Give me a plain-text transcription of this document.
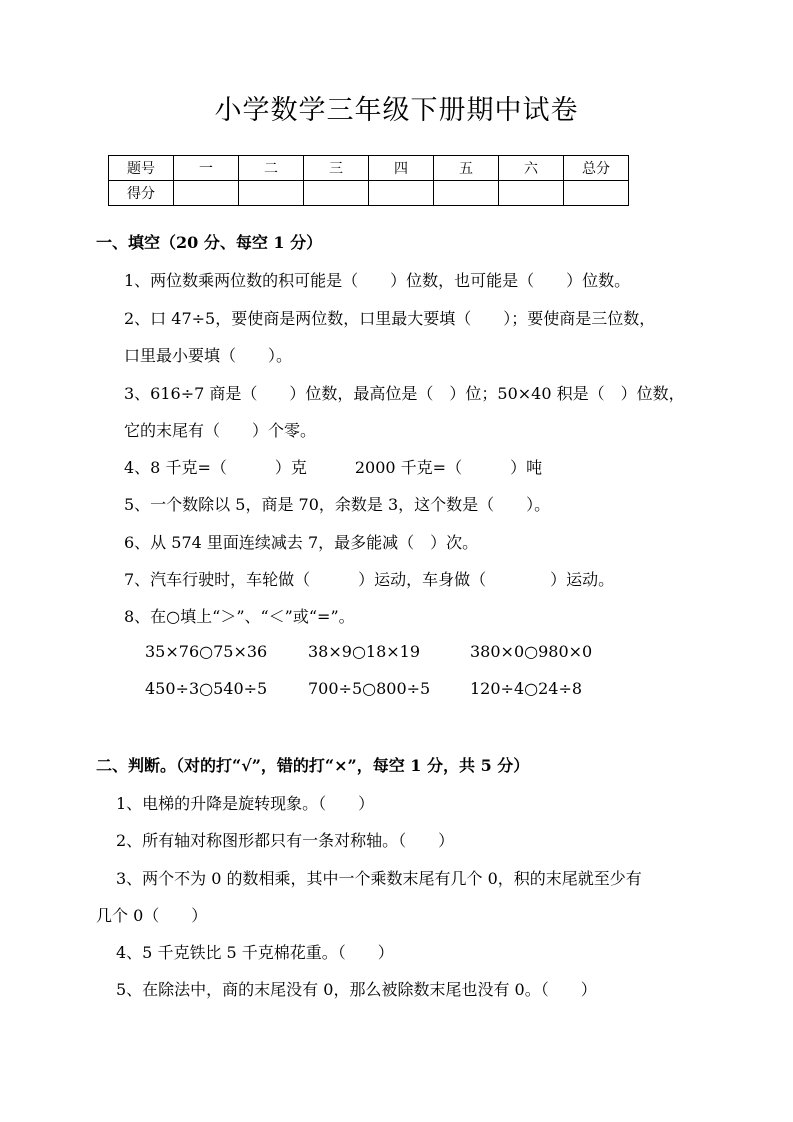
小学数学三年级下册期中试卷
题号	一	二	三	四	五	六	总分
得分							
一、填空（20 分、每空 1 分）
1、两位数乘两位数的积可能是（　　）位数，也可能是（　　）位数。
2、口 47÷5，要使商是两位数，口里最大要填（　　）；要使商是三位数，
口里最小要填（　　）。
3、616÷7 商是（　　）位数，最高位是（　）位；50×40 积是（　）位数，
它的末尾有（　　）个零。
4、8 千克=（　　　）克　　　2000 千克=（　　　）吨
5、一个数除以 5，商是 70，余数是 3，这个数是（　　）。
6、从 574 里面连续减去 7，最多能减（　）次。
7、汽车行驶时，车轮做（　　　）运动，车身做（　　　　）运动。
8、在○填上“＞”、“＜”或“=”。
35×76○75×36	38×9○18×19	380×0○980×0
450÷3○540÷5	700÷5○800÷5 120÷4○24÷8
二、判断。（对的打“√”，错的打“×”，每空 1 分，共 5 分）
1、电梯的升降是旋转现象。（　　）
2、所有轴对称图形都只有一条对称轴。（　　）
3、两个不为 0 的数相乘，其中一个乘数末尾有几个 0，积的末尾就至少有
几个 0（　　）
4、5 千克铁比 5 千克棉花重。（　　）
5、在除法中，商的末尾没有 0，那么被除数末尾也没有 0。（　　）
